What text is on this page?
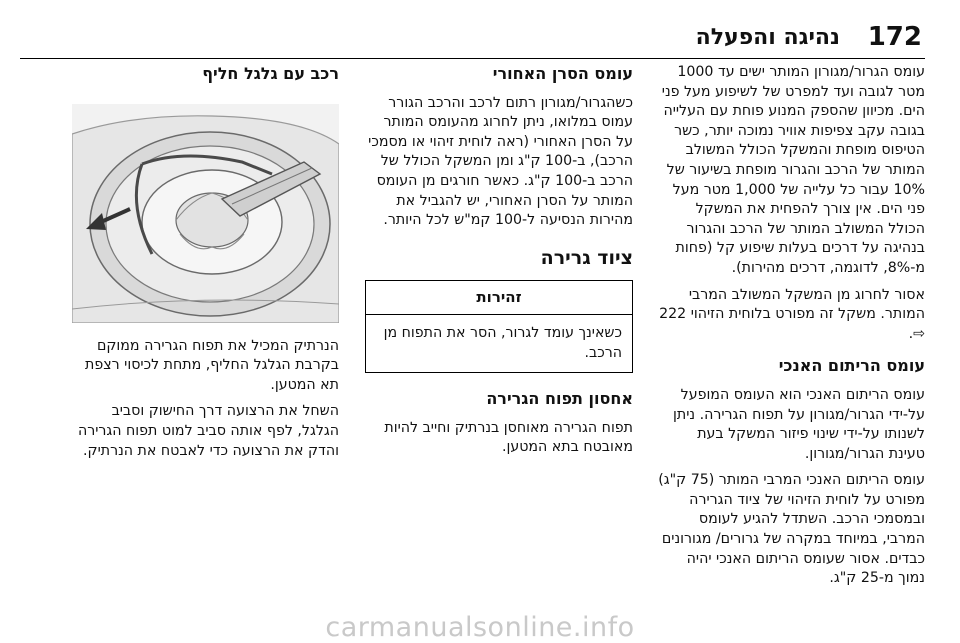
172
נהיגה והפעלה

עומס הגרור/מגורון המותר ישים עד 1000 מטר לגובה ועד למפרט של לשיפוע מעל פני הים. מכיוון שהספק המנוע פוחת עם העלייה בגובה עקב צפיפות אוויר נמוכה יותר, כשר הטיפוס מופחת והמשקל הכולל המשולב המותר של הרכב והגרור מופחת בשיעור של 10% עבור כל עלייה של 1,000 מטר מעל פני הים. אין צורך להפחית את המשקל הכולל המשולב המותר של הרכב והגרור בנהיגה על דרכים בעלות שיפוע קל (פחות מ-8%, לדוגמה, דרכים מהירות).

אסור לחרוג מן המשקל המשולב המרבי המותר. משקל זה מפורט בלוחית הזיהוי 222 ⇨.

עומס הריתום האנכי

עומס הריתום האנכי הוא העומס המופעל על-ידי הגרור/מגורון על תפוח הגרירה. ניתן לשנותו על-ידי שינוי פיזור המשקל בעת טעינת הגרור/מגורון.

עומס הריתום האנכי המרבי המותר (75 ק"ג) מפורט על לוחית הזיהוי של ציוד הגרירה ובמסמכי הרכב. השתדל להגיע לעומס המרבי, במיוחד במקרה של גרורים/ מגורונים כבדים. אסור שעומס הריתום האנכי יהיה נמוך מ-25 ק"ג.

עומס הסרן האחורי

כשהגרור/מגורון רתום לרכב והרכב הגורר עמוס במלואו, ניתן לחרוג מהעומס המותר על הסרן האחורי (ראה לוחית זיהוי או מסמכי הרכב), ב-100 ק"ג ומן המשקל הכולל של הרכב ב-100 ק"ג. כאשר חורגים מן העומס המותר על הסרן האחורי, יש להגביל את מהירות הנסיעה ל-100 קמ"ש לכל היותר.

ציוד גרירה
זהירות
כשאינך עומד לגרור, הסר את התפוח מן הרכב.
אחסון תפוח הגרירה

תפוח הגרירה מאוחסן בנרתיק וחייב להיות מאובטח בתא המטען.

רכב עם גלגל חליף

הנרתיק המכיל את תפוח הגרירה ממוקם בקרבת הגלגל החליף, מתחת לכיסוי רצפת תא המטען.

השחל את הרצועה דרך החישוק וסביב הגלגל, לפף אותה סביב למוט תפוח הגרירה והדק את הרצועה כדי לאבטח את הנרתיק.

carmanualsonline.info
